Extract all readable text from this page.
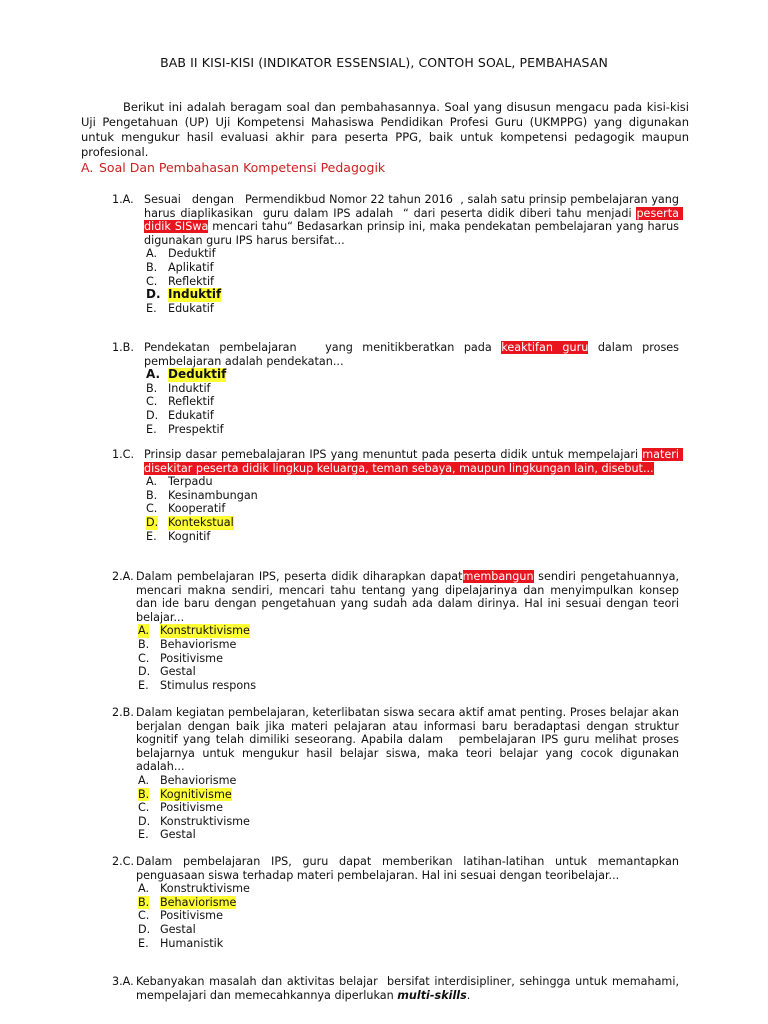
BAB II KISI-KISI (INDIKATOR ESSENSIAL), CONTOH SOAL, PEMBAHASAN

Berikut ini adalah beragam soal dan pembahasannya. Soal yang disusun mengacu pada kisi-kisi Uji Pengetahuan (UP) Uji Kompetensi Mahasiswa Pendidikan Profesi Guru (UKMPPG) yang digunakan untuk mengukur hasil evaluasi akhir para peserta PPG, baik untuk kompetensi pedagogik maupun profesional.

A. Soal Dan Pembahasan Kompetensi Pedagogik
1.A. Sesuai   dengan   Permendikbud Nomor 22 tahun 2016  , salah satu prinsip pembelajaran yang harus diaplikasikan  guru dalam IPS adalah  “ dari peserta didik diberi tahu menjadi peserta didik SISwa mencari tahu“ Bedasarkan prinsip ini, maka pendekatan pembelajaran yang harus digunakan guru IPS harus bersifat...
A. Deduktif
B. Aplikatif
C. Reflektif
D. Induktif
E. Edukatif
1.B. Pendekatan pembelajaran   yang menitikberatkan pada keaktifan guru dalam proses pembelajaran adalah pendekatan...
A. Deduktif
B. Induktif
C. Reflektif
D. Edukatif
E. Prespektif
1.C. Prinsip dasar pemebalajaran IPS yang menuntut pada peserta didik untuk mempelajari materi disekitar peserta didik lingkup keluarga, teman sebaya, maupun lingkungan lain, disebut...
A. Terpadu
B. Kesinambungan
C. Kooperatif
D. Kontekstual
E. Kognitif
2.A. Dalam pembelajaran IPS, peserta didik diharapkan dapatmembangun sendiri pengetahuannya, mencari makna sendiri, mencari tahu tentang yang dipelajarinya dan menyimpulkan konsep dan ide baru dengan pengetahuan yang sudah ada dalam dirinya. Hal ini sesuai dengan teori belajar...
A. Konstruktivisme
B. Behaviorisme
C. Positivisme
D. Gestal
E. Stimulus respons
2.B. Dalam kegiatan pembelajaran, keterlibatan siswa secara aktif amat penting. Proses belajar akan berjalan dengan baik jika materi pelajaran atau informasi baru beradaptasi dengan struktur kognitif yang telah dimiliki seseorang. Apabila dalam   pembelajaran IPS guru melihat proses belajarnya untuk mengukur hasil belajar siswa, maka teori belajar yang cocok digunakan adalah...
A. Behaviorisme
B. Kognitivisme
C. Positivisme
D. Konstruktivisme
E. Gestal
2.C. Dalam pembelajaran IPS, guru dapat memberikan latihan-latihan untuk memantapkan penguasaan siswa terhadap materi pembelajaran. Hal ini sesuai dengan teoribelajar...
A. Konstruktivisme
B. Behaviorisme
C. Positivisme
D. Gestal
E. Humanistik
3.A. Kebanyakan masalah dan aktivitas belajar  bersifat interdisipliner, sehingga untuk memahami, mempelajari dan memecahkannya diperlukan multi-skills.
